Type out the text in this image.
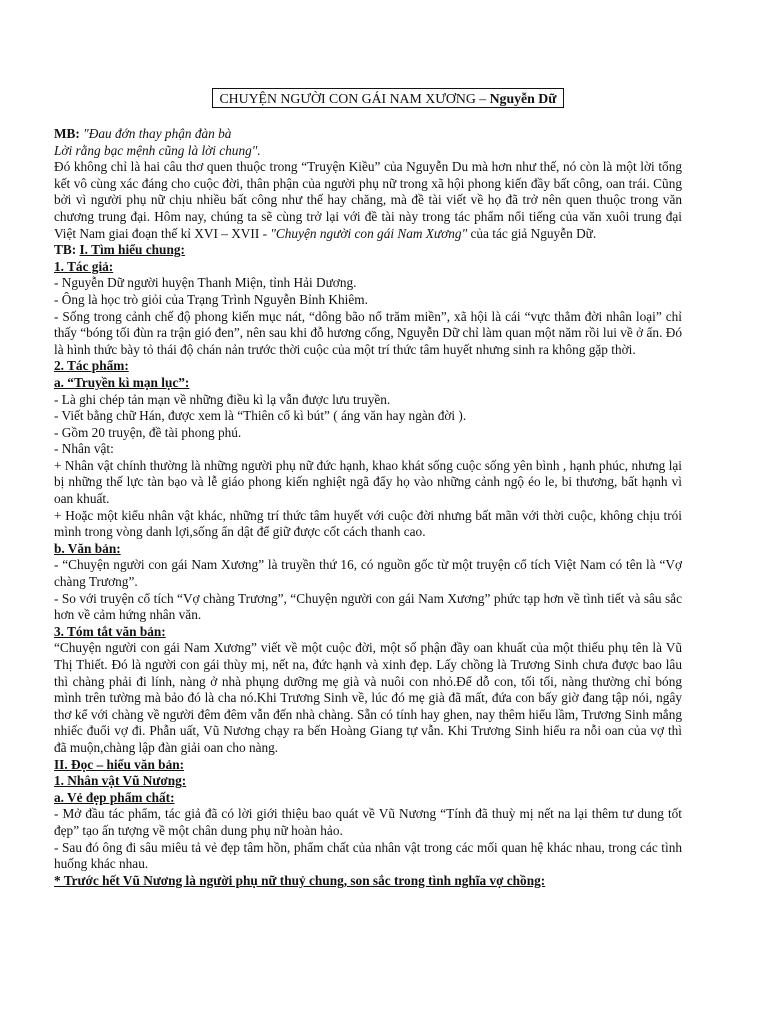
CHUYỆN NGƯỜI CON GÁI NAM XƯƠNG – Nguyễn Dữ

MB: "Đau đớn thay phận đàn bà

Lời rằng bạc mệnh cũng là lời chung".

Đó không chỉ là hai câu thơ quen thuộc trong “Truyện Kiều” của Nguyễn Du mà hơn như thế, nó còn là một lời tổng kết vô cùng xác đáng cho cuộc đời, thân phận của người phụ nữ trong xã hội phong kiến đầy bất công, oan trái. Cũng bởi vì người phụ nữ chịu nhiều bất công như thế hay chăng, mà đề tài viết về họ đã trở nên quen thuộc trong văn chương trung đại. Hôm nay, chúng ta sẽ cùng trở lại với đề tài này trong tác phẩm nổi tiếng của văn xuôi trung đại Việt Nam giai đoạn thế kỉ XVI – XVII - "Chuyện người con gái Nam Xương" của tác giả Nguyễn Dữ.

TB: I. Tìm hiểu chung:

1. Tác giả:

- Nguyễn Dữ người huyện Thanh Miện, tỉnh Hải Dương.

- Ông là học trò giỏi của Trạng Trình Nguyễn Bỉnh Khiêm.

- Sống trong cảnh chế độ phong kiến mục nát, “dông bão nổ trăm miền”, xã hội là cái “vực thẳm đời nhân loại” chỉ thấy “bóng tối đùn ra trận gió đen”, nên sau khi đỗ hương cống, Nguyễn Dữ chỉ làm quan một năm rồi lui về ở ẩn. Đó là hình thức bày tỏ thái độ chán nản trước thời cuộc của một trí thức tâm huyết nhưng sinh ra không gặp thời.

2. Tác phẩm:

a. “Truyền kì mạn lục”:

- Là ghi chép tản mạn về những điều kì lạ vẫn được lưu truyền.

- Viết bằng chữ Hán, được xem là “Thiên cổ kì bút” ( áng văn hay ngàn đời ).

- Gồm 20 truyện, đề tài phong phú.

- Nhân vật:

+ Nhân vật chính thường là những người phụ nữ đức hạnh, khao khát sống cuộc sống yên bình , hạnh phúc, nhưng lại bị những thế lực tàn bạo và lễ giáo phong kiến nghiệt ngã đẩy họ vào những cảnh ngộ éo le, bi thương, bất hạnh vì oan khuất.

+ Hoặc một kiểu nhân vật khác, những trí thức tâm huyết với cuộc đời nhưng bất mãn với thời cuộc, không chịu trói mình trong vòng danh lợi,sống ẩn dật để giữ được cốt cách thanh cao.

b. Văn bản:

- “Chuyện người con gái Nam Xương” là truyền thứ 16, có nguồn gốc từ một truyện cổ tích Việt Nam có tên là “Vợ chàng Trương”.

- So với truyện cổ tích “Vợ chàng Trương”, “Chuyện người con gái Nam Xương” phức tạp hơn về tình tiết và sâu sắc hơn về cảm hứng nhân văn.

3. Tóm tắt văn bản:

“Chuyện người con gái Nam Xương” viết về một cuộc đời, một số phận đầy oan khuất của một thiếu phụ tên là Vũ Thị Thiết. Đó là người con gái thùy mị, nết na, đức hạnh và xinh đẹp. Lấy chồng là Trương Sinh chưa được bao lâu thì chàng phải đi lính, nàng ở nhà phụng dưỡng mẹ già và nuôi con nhỏ.Để dỗ con, tối tối, nàng thường chỉ bóng mình trên tường mà bảo đó là cha nó.Khi Trương Sinh về, lúc đó mẹ già đã mất, đứa con bấy giờ đang tập nói, ngây thơ kể với chàng về người đêm đêm vẫn đến nhà chàng. Sẵn có tính hay ghen, nay thêm hiểu lầm, Trương Sinh mắng nhiếc đuổi vợ đi. Phẫn uất, Vũ Nương chạy ra bến Hoàng Giang tự vẫn. Khi Trương Sinh hiểu ra nỗi oan của vợ thì đã muộn,chàng lập đàn giải oan cho nàng.

II. Đọc – hiểu văn bản:

1. Nhân vật Vũ Nương:

a. Vẻ đẹp phẩm chất:

- Mở đầu tác phẩm, tác giả đã có lời giới thiệu bao quát về Vũ Nương “Tính đã thuỳ mị nết na lại thêm tư dung tốt đẹp” tạo ấn tượng về một chân dung phụ nữ hoàn hảo.

- Sau đó ông đi sâu miêu tả vẻ đẹp tâm hồn, phẩm chất của nhân vật trong các mối quan hệ khác nhau, trong các tình huống khác nhau.

* Trước hết Vũ Nương là người phụ nữ thuỷ chung, son sắc trong tình nghĩa vợ chồng:
